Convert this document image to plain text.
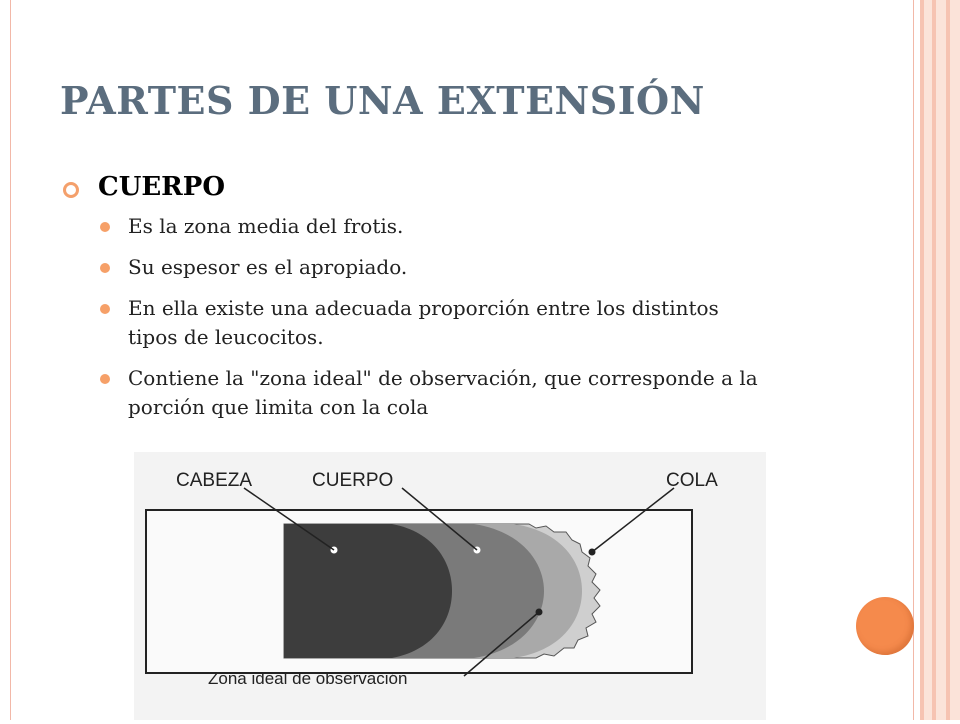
PARTES DE UNA EXTENSIÓN

CUERPO

Es la zona media del frotis.
Su espesor es el apropiado.
En ella existe una adecuada proporción entre los distintos tipos de leucocitos.
Contiene la "zona ideal" de observación, que corresponde a la porción que limita con la cola
CABEZA	CUERPO	COLA
Zona ideal de observación
